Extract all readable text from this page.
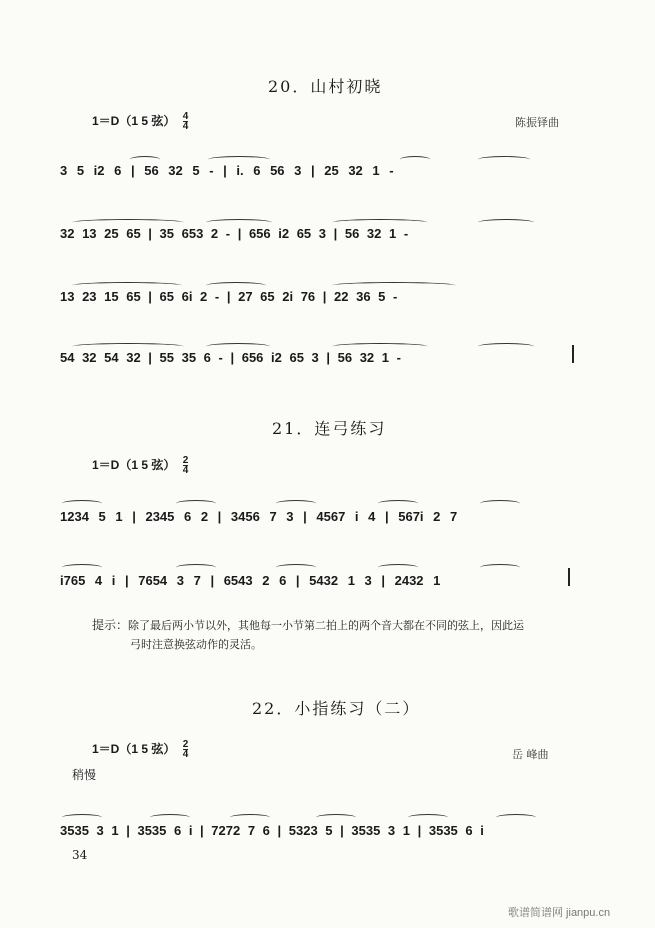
20．山村初晓
1＝D（1 5 弦） $\frac{4}{4}$	陈振铎曲
3 5 i2 6 | 56 32 5 - | i. 6 56 3 | 25 32 1 -
32 13 25 65 | 35 653 2 - | 656 i2 65 3 | 56 32 1 -
13 23 15 65 | 65 6i 2 - | 27 65 2i 76 | 22 36 5 -
54 32 54 32 | 55 35 6 - | 656 i2 65 3 | 56 32 1 -
21．连弓练习
1＝D（1 5 弦） $\frac{2}{4}$
1234 5 1 | 2345 6 2 | 3456 7 3 | 4567 i 4 | 567i 2 7
i765 4 i | 7654 3 7 | 6543 2 6 | 5432 1 3 | 2432 1
提示：除了最后两小节以外，其他每一小节第二拍上的两个音大都在不同的弦上，因此运
弓时注意换弦动作的灵活。
22．小指练习（二）
1＝D（1 5 弦） $\frac{2}{4}$	岳 峰曲
稍慢
3535 3 1 | 3535 6 i | 7272 7 6 | 5323 5 | 3535 3 1 | 3535 6 i
34
歌谱简谱网 jianpu.cn
